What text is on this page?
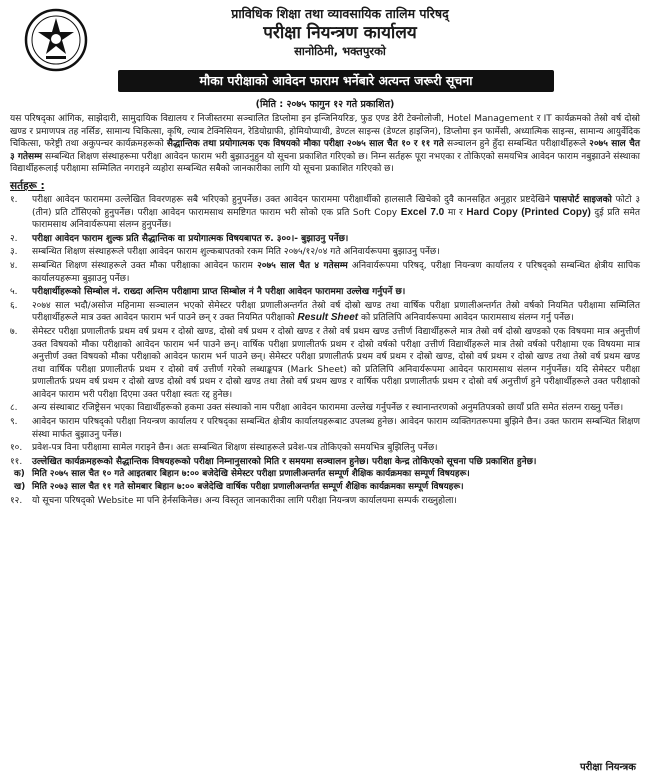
प्राविधिक शिक्षा तथा व्यावसायिक तालिम परिषद्
परीक्षा नियन्त्रण कार्यालय
सानोठिमी, भक्तपुरको
मौका परीक्षाको आवेदन फाराम भर्नेबारे अत्यन्त जरूरी सूचना
(मिति : २०७५ फागुन १२ गते प्रकाशित)

यस परिषद्का आंगिक, साझेदारी, सामुदायिक विद्यालय र निजीस्तरमा सञ्चालित डिप्लोमा इन इन्जिनियरिङ, फुड एण्ड डेरी टेक्नोलोजी, Hotel Management र IT कार्यक्रमको तेस्रो वर्ष दोस्रो खण्ड र प्रमाणपत्र तह नर्सिङ, सामान्य चिकित्सा, कृषि, ल्याब टेक्निसियन, रेडियोग्राफी, होमियोप्याथी, डेण्टल साइन्स (डेण्टल हाइजिन), डिप्लोमा इन फार्मेसी, अध्यात्मिक साइन्स, सामान्य आयुर्वेदिक चिकित्सा, फरेष्ट्री तथा अकुपन्चर कार्यक्रमहरूको सैद्धान्तिक तथा प्रयोगात्मक एक विषयको मौका परीक्षा २०७५ साल चैत १० र ११ गते सञ्चालन हुने हुँदा सम्बन्धित परीक्षार्थीहरूले २०७५ साल चैत ३ गतेसम्म सम्बन्धित शिक्षण संस्थाहरूमा परीक्षा आवेदन फाराम भरी बुझाउनुहुन यो सूचना प्रकाशित गरिएको छ। निम्न सर्तहरू पूरा नभएका र तोकिएको समयभित्र आवेदन फाराम नबुझाउने संस्थाका विद्यार्थीहरूलाई परीक्षामा सम्मिलित नगराइने व्यहोरा सम्बन्धित सबैको जानकारीका लागि यो सूचना प्रकाशित गरिएको छ।

सर्तहरू :
१.	परीक्षा आवेदन फाराममा उल्लेखित विवरणहरू सबै भरिएको हुनुपर्नेछ। उक्त आवेदन फाराममा परीक्षार्थीको हालसालै खिचेको दुवै कानसहित अनुहार प्रष्टदेखिने पासपोर्ट साइजको फोटो ३ (तीन) प्रति टाँसिएको हुनुपर्नेछ। परीक्षा आवेदन फारामसाथ समष्टिगत फाराम भरी सोको एक प्रति Soft Copy Excel 7.0 मा र Hard Copy (Printed Copy) दुई प्रति समेत फारामसाथ अनिवार्यरूपमा संलग्न हुनुपर्नेछ।
२.	परीक्षा आवेदन फाराम शुल्क प्रति सैद्धान्तिक वा प्रयोगात्मक विषयबापत रु. ३००।- बुझाउनु पर्नेछ।
३.	सम्बन्धित शिक्षण संस्थाहरूले परीक्षा आवेदन फाराम शुल्कबापतको रकम मिति २०७५/१२/०४ गते अनिवार्यरूपमा बुझाउनु पर्नेछ।
४.	सम्बन्धित शिक्षण संस्थाहरूले उक्त मौका परीक्षाका आवेदन फाराम २०७५ साल चैत ४ गतेसम्म अनिवार्यरूपमा परिषद्, परीक्षा नियन्त्रण कार्यालय र परिषद्को सम्बन्धित क्षेत्रीय सापिक कार्यालयहरूमा बुझाउनु पर्नेछ।
५.	परीक्षार्थीहरूको सिम्बोल नं. राख्दा अन्तिम परीक्षामा प्राप्त सिम्बोल नं नै परीक्षा आवेदन फाराममा उल्लेख गर्नुपर्ने छ।
६.	२०७४ साल भदौ/असोज महिनामा सञ्चालन भएको सेमेस्टर परीक्षा प्रणालीअन्तर्गत तेस्रो वर्ष दोस्रो खण्ड तथा वार्षिक परीक्षा प्रणालीअन्तर्गत तेस्रो वर्षको नियमित परीक्षामा सम्मिलित परीक्षार्थीहरूले मात्र उक्त आवेदन फाराम भर्न पाउने छन् र उक्त नियमित परीक्षाको Result Sheet को प्रतिलिपि अनिवार्यरूपमा आवेदन फारामसाथ संलग्न गर्नु पर्नेछ।
७.	सेमेस्टर परीक्षा प्रणालीतर्फ प्रथम वर्ष प्रथम र दोस्रो खण्ड, दोस्रो वर्ष प्रथम र दोस्रो खण्ड र तेस्रो वर्ष प्रथम खण्ड उत्तीर्ण विद्यार्थीहरूले मात्र तेस्रो वर्ष दोस्रो खण्डको एक विषयमा मात्र अनुत्तीर्ण उक्त विषयको मौका परीक्षाको आवेदन फाराम भर्न पाउने छन्। वार्षिक परीक्षा प्रणालीतर्फ प्रथम र दोस्रो वर्षको परीक्षा उत्तीर्ण विद्यार्थीहरूले मात्र तेस्रो वर्षको परीक्षामा एक विषयमा मात्र अनुत्तीर्ण उक्त विषयको मौका परीक्षाको आवेदन फाराम भर्न पाउने छन्। सेमेस्टर परीक्षा प्रणालीतर्फ प्रथम वर्ष प्रथम र दोस्रो खण्ड, दोस्रो वर्ष प्रथम र दोस्रो खण्ड तथा तेस्रो वर्ष प्रथम खण्ड तथा वार्षिक परीक्षा प्रणालीतर्फ प्रथम र दोस्रो वर्ष उत्तीर्ण गरेको लब्धाङ्कपत्र (Mark Sheet) को प्रतिलिपि अनिवार्यरूपमा आवेदन फारामसाथ संलग्न गर्नुपर्नेछ। यदि सेमेस्टर परीक्षा प्रणालीतर्फ प्रथम वर्ष प्रथम र दोस्रो खण्ड दोस्रो वर्ष प्रथम र दोस्रो खण्ड तथा तेस्रो वर्ष प्रथम खण्ड र वार्षिक परीक्षा प्रणालीतर्फ प्रथम र दोस्रो वर्ष अनुत्तीर्ण हुने परीक्षार्थीहरूले उक्त परीक्षाको आवेदन फाराम भरी परीक्षा दिएमा उक्त परीक्षा स्वतः रद्द हुनेछ।
८.	अन्य संस्थाबाट रजिष्ट्रेसन भएका विद्यार्थीहरूको हकमा उक्त संस्थाको नाम परीक्षा आवेदन फाराममा उल्लेख गर्नुपर्नेछ र स्थानान्तरणको अनुमतिपत्रको छायाँ प्रति समेत संलग्न राख्नु पर्नेछ।
९.	आवेदन फाराम परिषद्को परीक्षा नियन्त्रण कार्यालय र परिषद्का सम्बन्धित क्षेत्रीय कार्यालयहरूबाट उपलब्ध हुनेछ। आवेदन फाराम व्यक्तिगतरूपमा बुझिने छैन। उक्त फाराम सम्बन्धित शिक्षण संस्था मार्फत बुझाउनु पर्नेछ।
१०.	प्रवेश-पत्र विना परीक्षामा सामेल गराइने छैन। अतः सम्बन्धित शिक्षण संस्थाहरूले प्रवेश-पत्र तोकिएको समयभित्र बुझिलिनु पर्नेछ।
११.	उल्लेखित कार्यक्रमहरूको सैद्धान्तिक विषयहरूको परीक्षा निम्नानुसारको मिति र समयमा सञ्चालन हुनेछ। परीक्षा केन्द्र तोकिएको सूचना पछि प्रकाशित हुनेछ।
क) मिति २०७५ साल चैत १० गते आइतबार बिहान ७:०० बजेदेखि सेमेस्टर परीक्षा प्रणालीअन्तर्गत सम्पूर्ण शैक्षिक कार्यक्रमका सम्पूर्ण विषयहरू।
ख) मिति २०७३ साल चैत ११ गते सोमबार बिहान ७:०० बजेदेखि वार्षिक परीक्षा प्रणालीअन्तर्गत सम्पूर्ण शैक्षिक कार्यक्रमका सम्पूर्ण विषयहरू।
१२.	यो सूचना परिषद्को Website मा पनि हेर्नसकिनेछ। अन्य विस्तृत जानकारीका लागि परीक्षा नियन्त्रण कार्यालयमा सम्पर्क राख्नुहोला।
परीक्षा नियन्त्रक
